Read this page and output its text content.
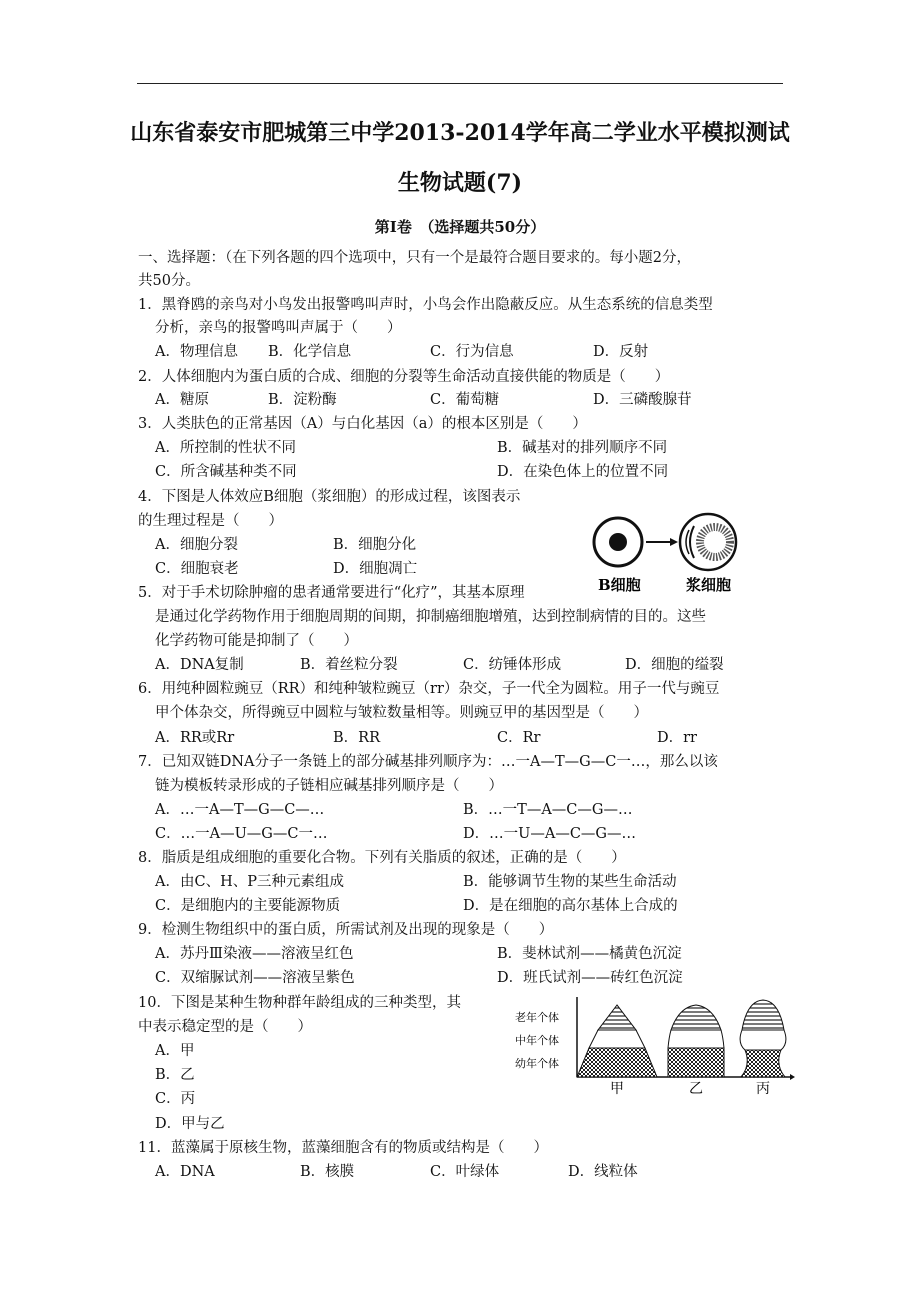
山东省泰安市肥城第三中学2013-2014学年高二学业水平模拟测试
生物试题(7)
第Ⅰ卷　（选择题共50分）
一、选择题：（在下列各题的四个选项中，只有一个是最符合题目要求的。每小题2分，
共50分。
1．黑脊鸥的亲鸟对小鸟发出报警鸣叫声时，小鸟会作出隐蔽反应。从生态系统的信息类型
分析，亲鸟的报警鸣叫声属于（　　）
A．物理信息 B．化学信息	C．行为信息	D．反射
2．人体细胞内为蛋白质的合成、细胞的分裂等生命活动直接供能的物质是（　　）
A．糖原	B．淀粉酶	C．葡萄糖	D．三磷酸腺苷
3．人类肤色的正常基因（A）与白化基因（a）的根本区别是（　　）
A．所控制的性状不同	B．碱基对的排列顺序不同
C．所含碱基种类不同	D．在染色体上的位置不同
4．下图是人体效应B细胞（浆细胞）的形成过程，该图表示
的生理过程是（　　）
A．细胞分裂	B．细胞分化
C．细胞衰老	D．细胞凋亡
B细胞	浆细胞
5．对于手术切除肿瘤的患者通常要进行“化疗”，其基本原理
是通过化学药物作用于细胞周期的间期，抑制癌细胞增殖，达到控制病情的目的。这些
化学药物可能是抑制了（　　）
A．DNA复制	B．着丝粒分裂	C．纺锤体形成	D．细胞的缢裂
6．用纯种圆粒豌豆（RR）和纯种皱粒豌豆（rr）杂交，子一代全为圆粒。用子一代与豌豆
甲个体杂交，所得豌豆中圆粒与皱粒数量相等。则豌豆甲的基因型是（　　）
A．RR或Rr	B．RR	C．Rr	D．rr
7．已知双链DNA分子一条链上的部分碱基排列顺序为：…一A—T—G—C一…，那么以该
链为模板转录形成的子链相应碱基排列顺序是（　　）
A．…一A—T—G—C—…	B．…一T—A—C—G—…
C．…一A—U—G—C一…	D．…一U—A—C—G—…
8．脂质是组成细胞的重要化合物。下列有关脂质的叙述，正确的是（　　）
A．由C、H、P三种元素组成	B．能够调节生物的某些生命活动
C．是细胞内的主要能源物质	D．是在细胞的高尔基体上合成的
9．检测生物组织中的蛋白质，所需试剂及出现的现象是（　　）
A．苏丹Ⅲ染液——溶液呈红色	B．斐林试剂——橘黄色沉淀
C．双缩脲试剂——溶液呈紫色	D．班氏试剂——砖红色沉淀
10．下图是某种生物种群年龄组成的三种类型，其
中表示稳定型的是（　　）
A．甲
B．乙
C．丙
D．甲与乙
老年个体
中年个体
幼年个体
甲	乙	丙
11．蓝藻属于原核生物，蓝藻细胞含有的物质或结构是（　　）
A．DNA	B．核膜	C．叶绿体	D．线粒体
